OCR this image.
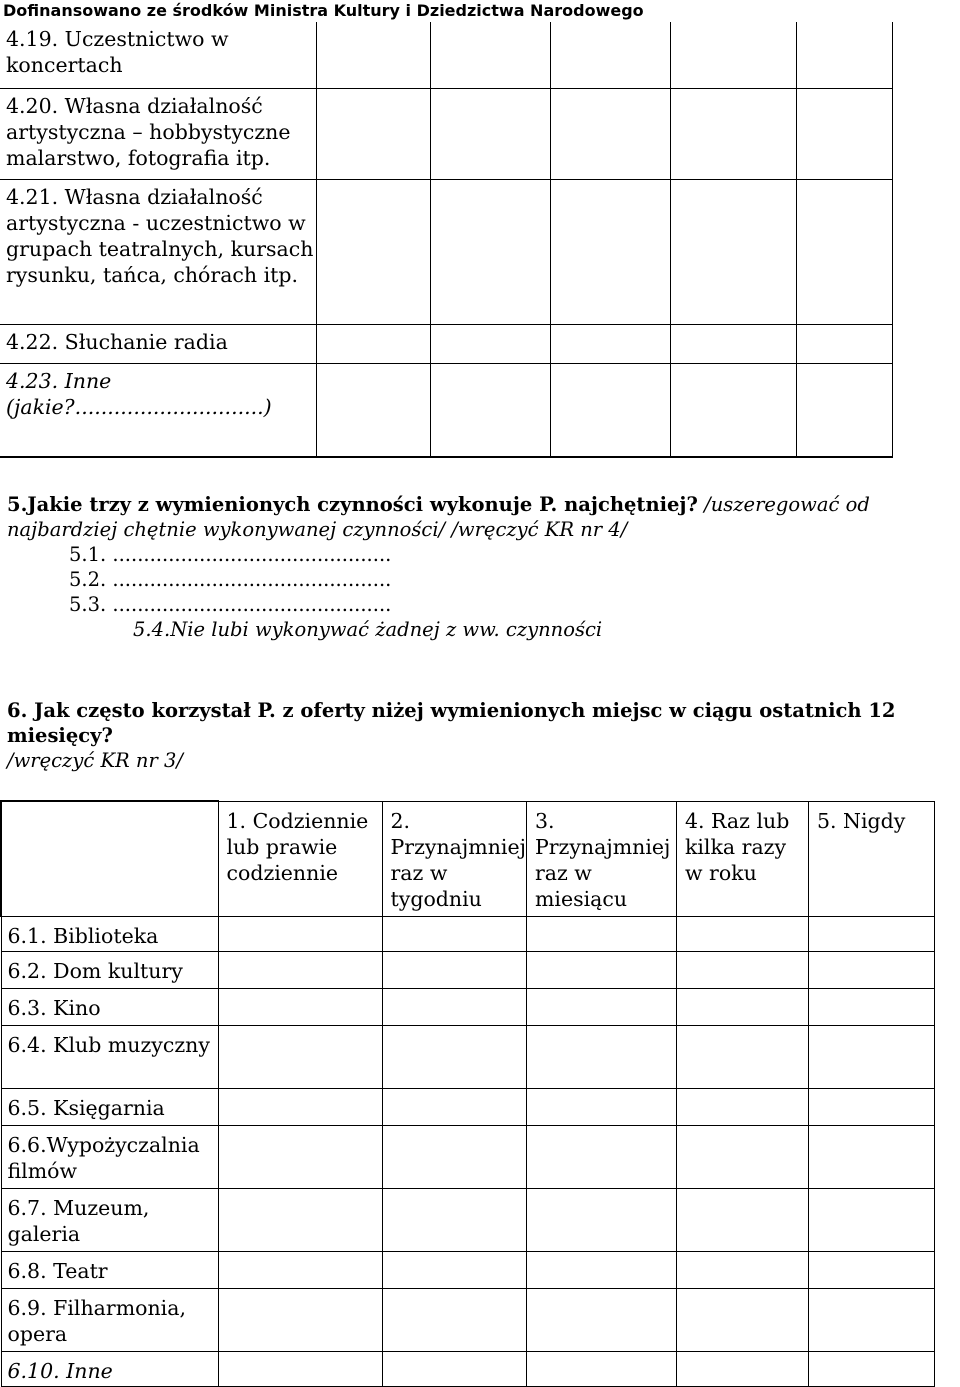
Dofinansowano ze środków Ministra Kultury i Dziedzictwa Narodowego
4.19. Uczestnictwo w koncertach					
4.20. Własna działalność artystyczna – hobbystyczne malarstwo, fotografia itp.					
4.21. Własna działalność artystyczna - uczestnictwo w grupach teatralnych, kursach rysunku, tańca, chórach itp.					
4.22. Słuchanie radia					
4.23. Inne (jakie?.............................)					
5.Jakie trzy z wymienionych czynności wykonuje P. najchętniej? /uszeregować od najbardziej chętnie wykonywanej czynności/ /wręczyć KR nr 4/
5.1. .............................................
5.2. .............................................
5.3. .............................................
5.4.Nie lubi wykonywać żadnej z ww. czynności
6. Jak często korzystał P. z oferty niżej wymienionych miejsc w ciągu ostatnich 12 miesięcy?
/wręczyć KR nr 3/
	1. Codziennie lub prawie codziennie	2. Przynajmniej raz w tygodniu	3. Przynajmniej raz w miesiącu	4. Raz lub kilka razy w roku	5. Nigdy
6.1. Biblioteka					
6.2. Dom kultury					
6.3. Kino					
6.4. Klub muzyczny					
6.5. Księgarnia					
6.6.Wypożyczalnia filmów					
6.7. Muzeum, galeria					
6.8. Teatr					
6.9. Filharmonia, opera					
6.10. Inne					
